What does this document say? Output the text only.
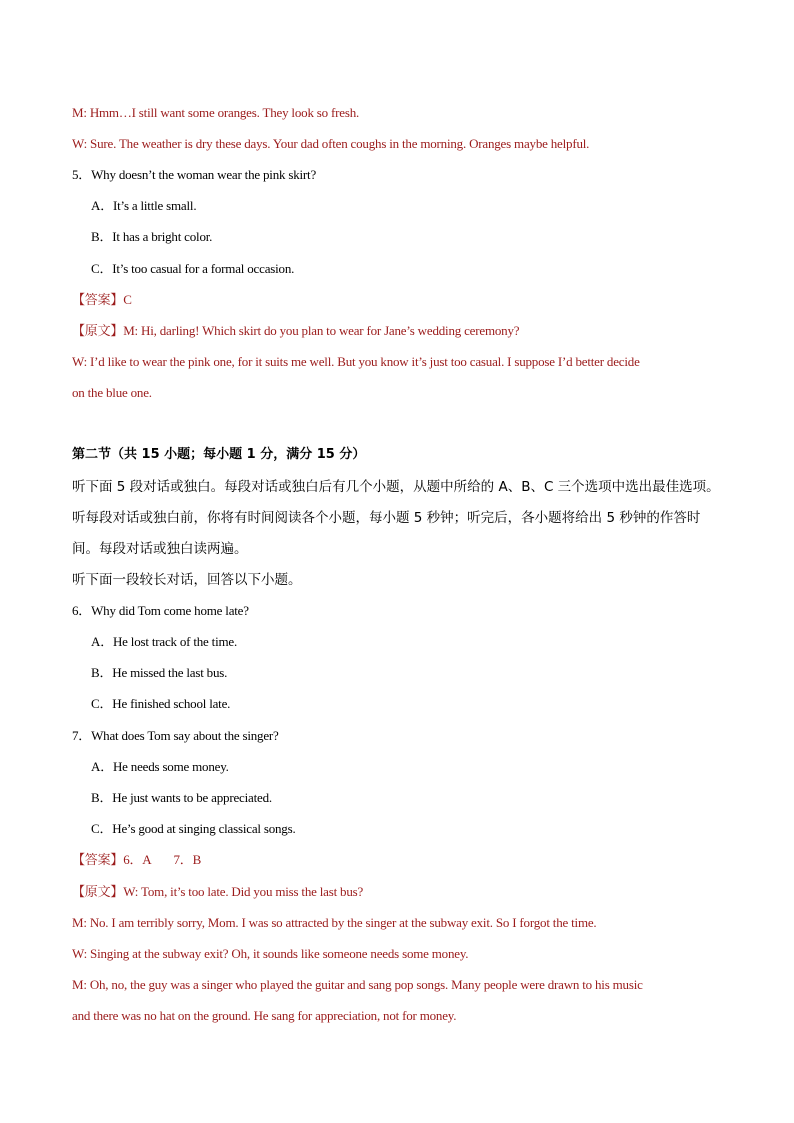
M: Hmm…I still want some oranges. They look so fresh.
W: Sure. The weather is dry these days. Your dad often coughs in the morning. Oranges maybe helpful.
5．Why doesn’t the woman wear the pink skirt?
A．It’s a little small.
B．It has a bright color.
C．It’s too casual for a formal occasion.
【答案】C
【原文】M: Hi, darling! Which skirt do you plan to wear for Jane’s wedding ceremony?
W: I’d like to wear the pink one, for it suits me well. But you know it’s just too casual. I suppose I’d better decide
on the blue one.
第二节（共 15 小题；每小题 1 分，满分 15 分）
听下面 5 段对话或独白。每段对话或独白后有几个小题，从题中所给的 A、B、C 三个选项中选出最佳选项。
听每段对话或独白前，你将有时间阅读各个小题，每小题 5 秒钟；听完后，各小题将给出 5 秒钟的作答时
间。每段对话或独白读两遍。
听下面一段较长对话，回答以下小题。
6．Why did Tom come home late?
A．He lost track of the time.
B．He missed the last bus.
C．He finished school late.
7．What does Tom say about the singer?
A．He needs some money.
B．He just wants to be appreciated.
C．He’s good at singing classical songs.
【答案】6．A 7．B
【原文】W: Tom, it’s too late. Did you miss the last bus?
M: No. I am terribly sorry, Mom. I was so attracted by the singer at the subway exit. So I forgot the time.
W: Singing at the subway exit? Oh, it sounds like someone needs some money.
M: Oh, no, the guy was a singer who played the guitar and sang pop songs. Many people were drawn to his music
and there was no hat on the ground. He sang for appreciation, not for money.
